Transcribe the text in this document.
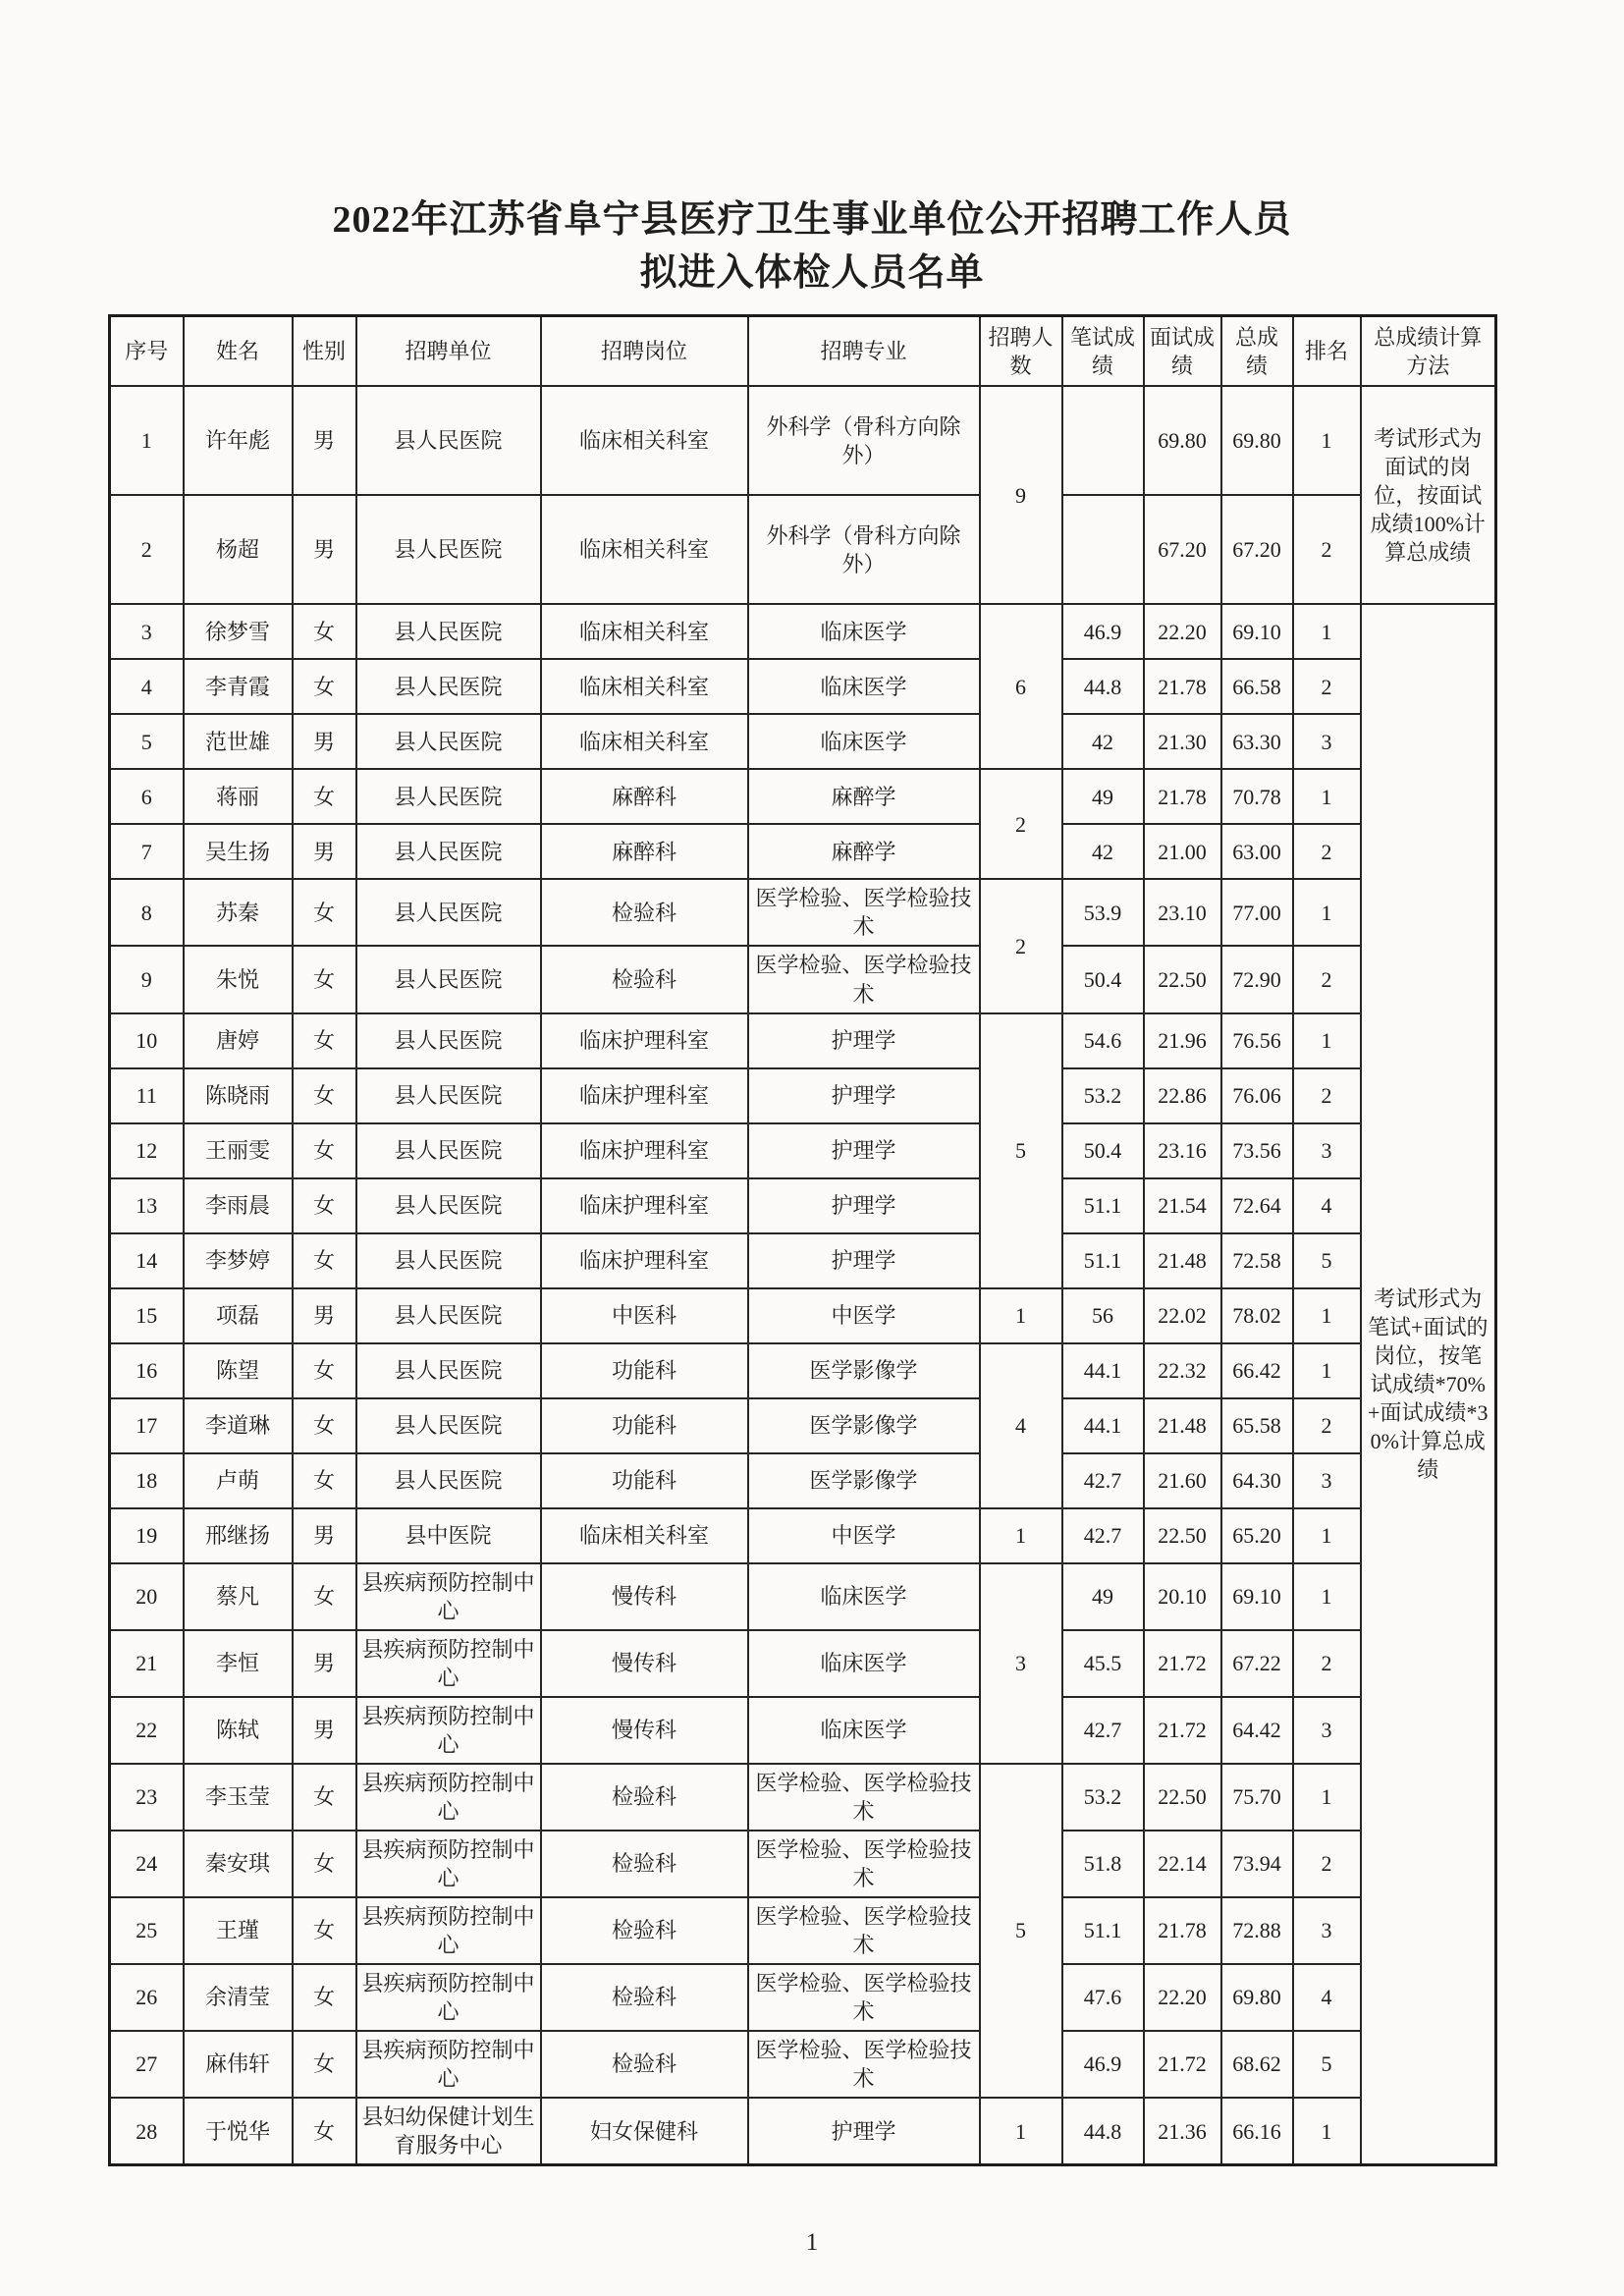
2022年江苏省阜宁县医疗卫生事业单位公开招聘工作人员
拟进入体检人员名单
序号	姓名	性别	招聘单位	招聘岗位	招聘专业	招聘人数	笔试成绩	面试成绩	总成绩	排名	总成绩计算方法
1	许年彪	男	县人民医院	临床相关科室	外科学（骨科方向除外）	9		69.80	69.80	1	考试形式为面试的岗位，按面试成绩100%计算总成绩
2	杨超	男	县人民医院	临床相关科室	外科学（骨科方向除外）			67.20	67.20	2	
3	徐梦雪	女	县人民医院	临床相关科室	临床医学	6	46.9	22.20	69.10	1	考试形式为笔试+面试的岗位，按笔试成绩*70%+面试成绩*30%计算总成绩
4	李青霞	女	县人民医院	临床相关科室	临床医学		44.8	21.78	66.58	2	
5	范世雄	男	县人民医院	临床相关科室	临床医学		42	21.30	63.30	3	
6	蒋丽	女	县人民医院	麻醉科	麻醉学	2	49	21.78	70.78	1	
7	吴生扬	男	县人民医院	麻醉科	麻醉学		42	21.00	63.00	2	
8	苏秦	女	县人民医院	检验科	医学检验、医学检验技术	2	53.9	23.10	77.00	1	
9	朱悦	女	县人民医院	检验科	医学检验、医学检验技术		50.4	22.50	72.90	2	
10	唐婷	女	县人民医院	临床护理科室	护理学	5	54.6	21.96	76.56	1	
11	陈晓雨	女	县人民医院	临床护理科室	护理学		53.2	22.86	76.06	2	
12	王丽雯	女	县人民医院	临床护理科室	护理学		50.4	23.16	73.56	3	
13	李雨晨	女	县人民医院	临床护理科室	护理学		51.1	21.54	72.64	4	
14	李梦婷	女	县人民医院	临床护理科室	护理学		51.1	21.48	72.58	5	
15	项磊	男	县人民医院	中医科	中医学	1	56	22.02	78.02	1	
16	陈望	女	县人民医院	功能科	医学影像学	4	44.1	22.32	66.42	1	
17	李道琳	女	县人民医院	功能科	医学影像学		44.1	21.48	65.58	2	
18	卢萌	女	县人民医院	功能科	医学影像学		42.7	21.60	64.30	3	
19	邢继扬	男	县中医院	临床相关科室	中医学	1	42.7	22.50	65.20	1	
20	蔡凡	女	县疾病预防控制中心	慢传科	临床医学	3	49	20.10	69.10	1	
21	李恒	男	县疾病预防控制中心	慢传科	临床医学		45.5	21.72	67.22	2	
22	陈轼	男	县疾病预防控制中心	慢传科	临床医学		42.7	21.72	64.42	3	
23	李玉莹	女	县疾病预防控制中心	检验科	医学检验、医学检验技术	5	53.2	22.50	75.70	1	
24	秦安琪	女	县疾病预防控制中心	检验科	医学检验、医学检验技术		51.8	22.14	73.94	2	
25	王瑾	女	县疾病预防控制中心	检验科	医学检验、医学检验技术		51.1	21.78	72.88	3	
26	余清莹	女	县疾病预防控制中心	检验科	医学检验、医学检验技术		47.6	22.20	69.80	4	
27	麻伟轩	女	县疾病预防控制中心	检验科	医学检验、医学检验技术		46.9	21.72	68.62	5	
28	于悦华	女	县妇幼保健计划生育服务中心	妇女保健科	护理学	1	44.8	21.36	66.16	1	
1
